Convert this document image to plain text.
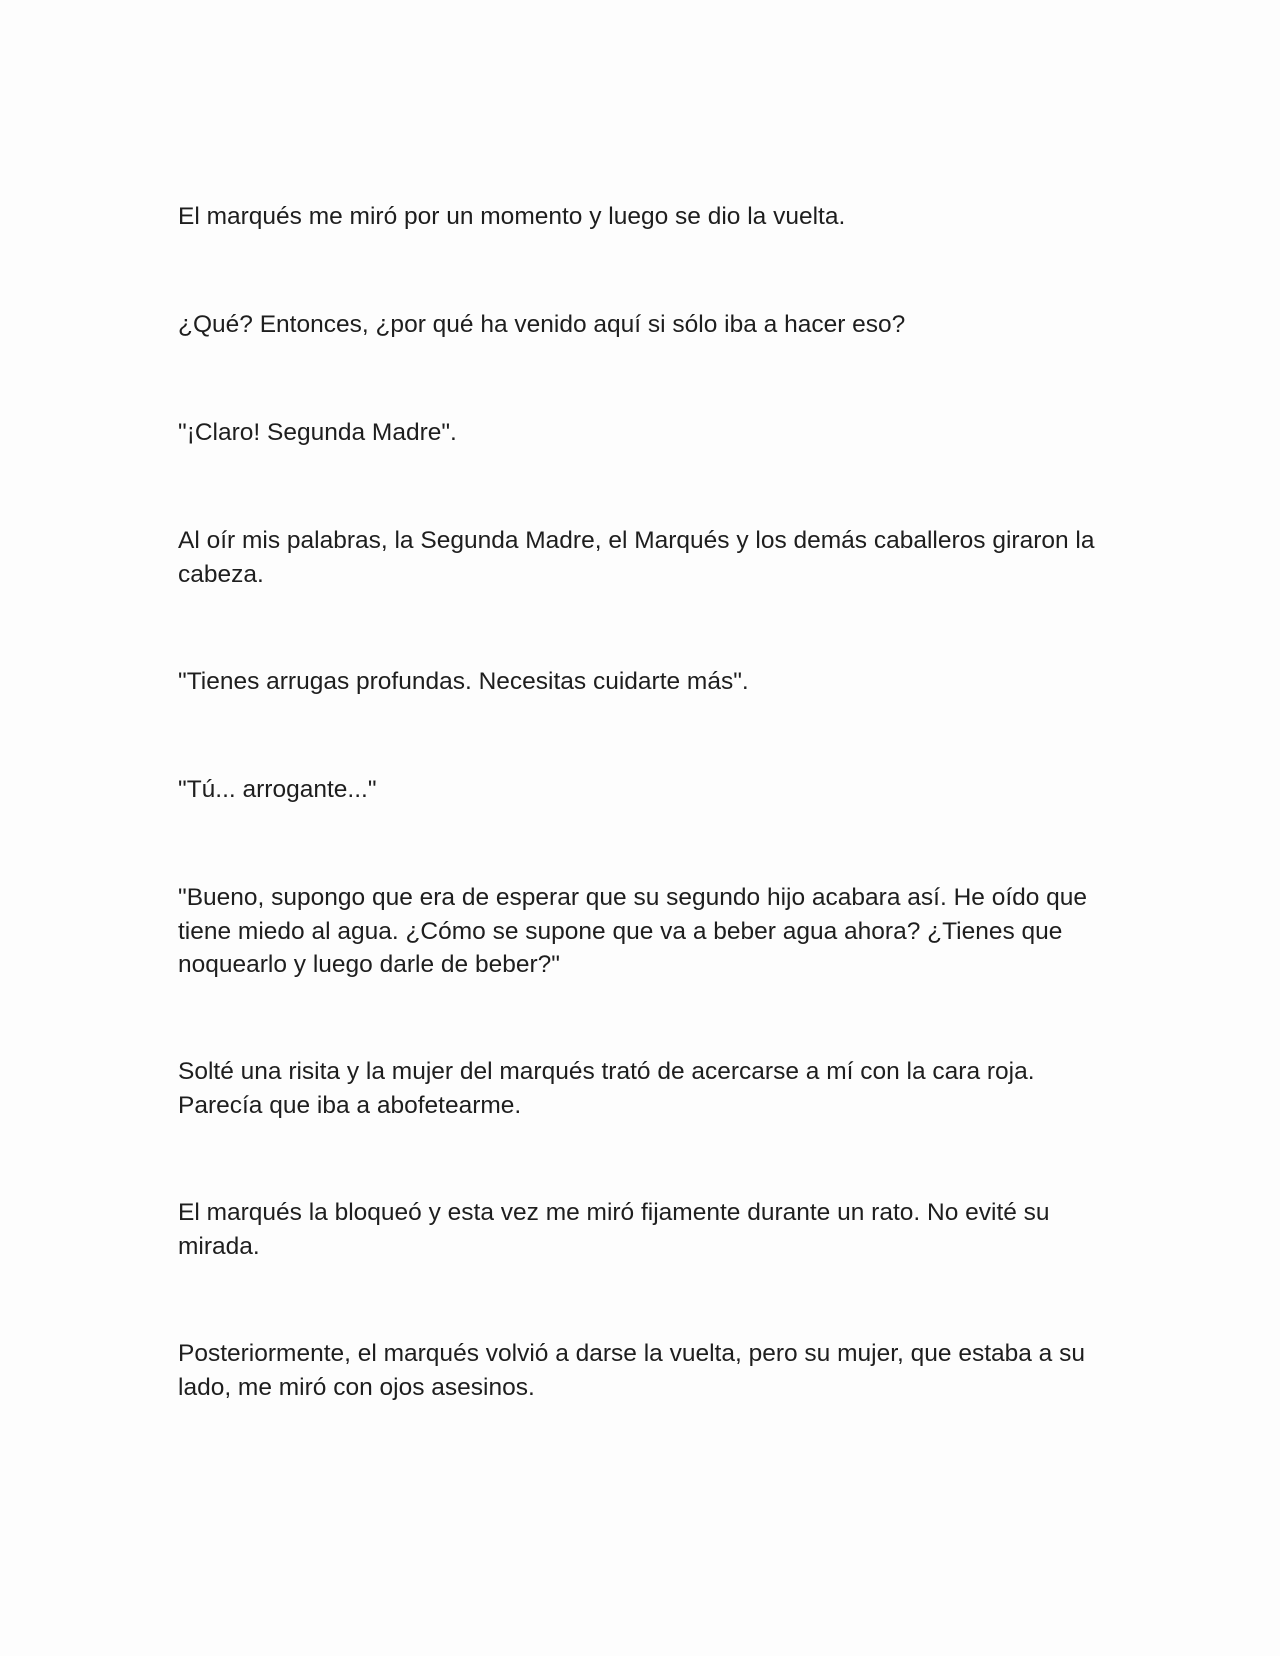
El marqués me miró por un momento y luego se dio la vuelta.

¿Qué? Entonces, ¿por qué ha venido aquí si sólo iba a hacer eso?

"¡Claro! Segunda Madre".

Al oír mis palabras, la Segunda Madre, el Marqués y los demás caballeros giraron la cabeza.

"Tienes arrugas profundas. Necesitas cuidarte más".

"Tú... arrogante..."

"Bueno, supongo que era de esperar que su segundo hijo acabara así. He oído que tiene miedo al agua. ¿Cómo se supone que va a beber agua ahora? ¿Tienes que noquearlo y luego darle de beber?"

Solté una risita y la mujer del marqués trató de acercarse a mí con la cara roja. Parecía que iba a abofetearme.

El marqués la bloqueó y esta vez me miró fijamente durante un rato. No evité su mirada.

Posteriormente, el marqués volvió a darse la vuelta, pero su mujer, que estaba a su lado, me miró con ojos asesinos.
